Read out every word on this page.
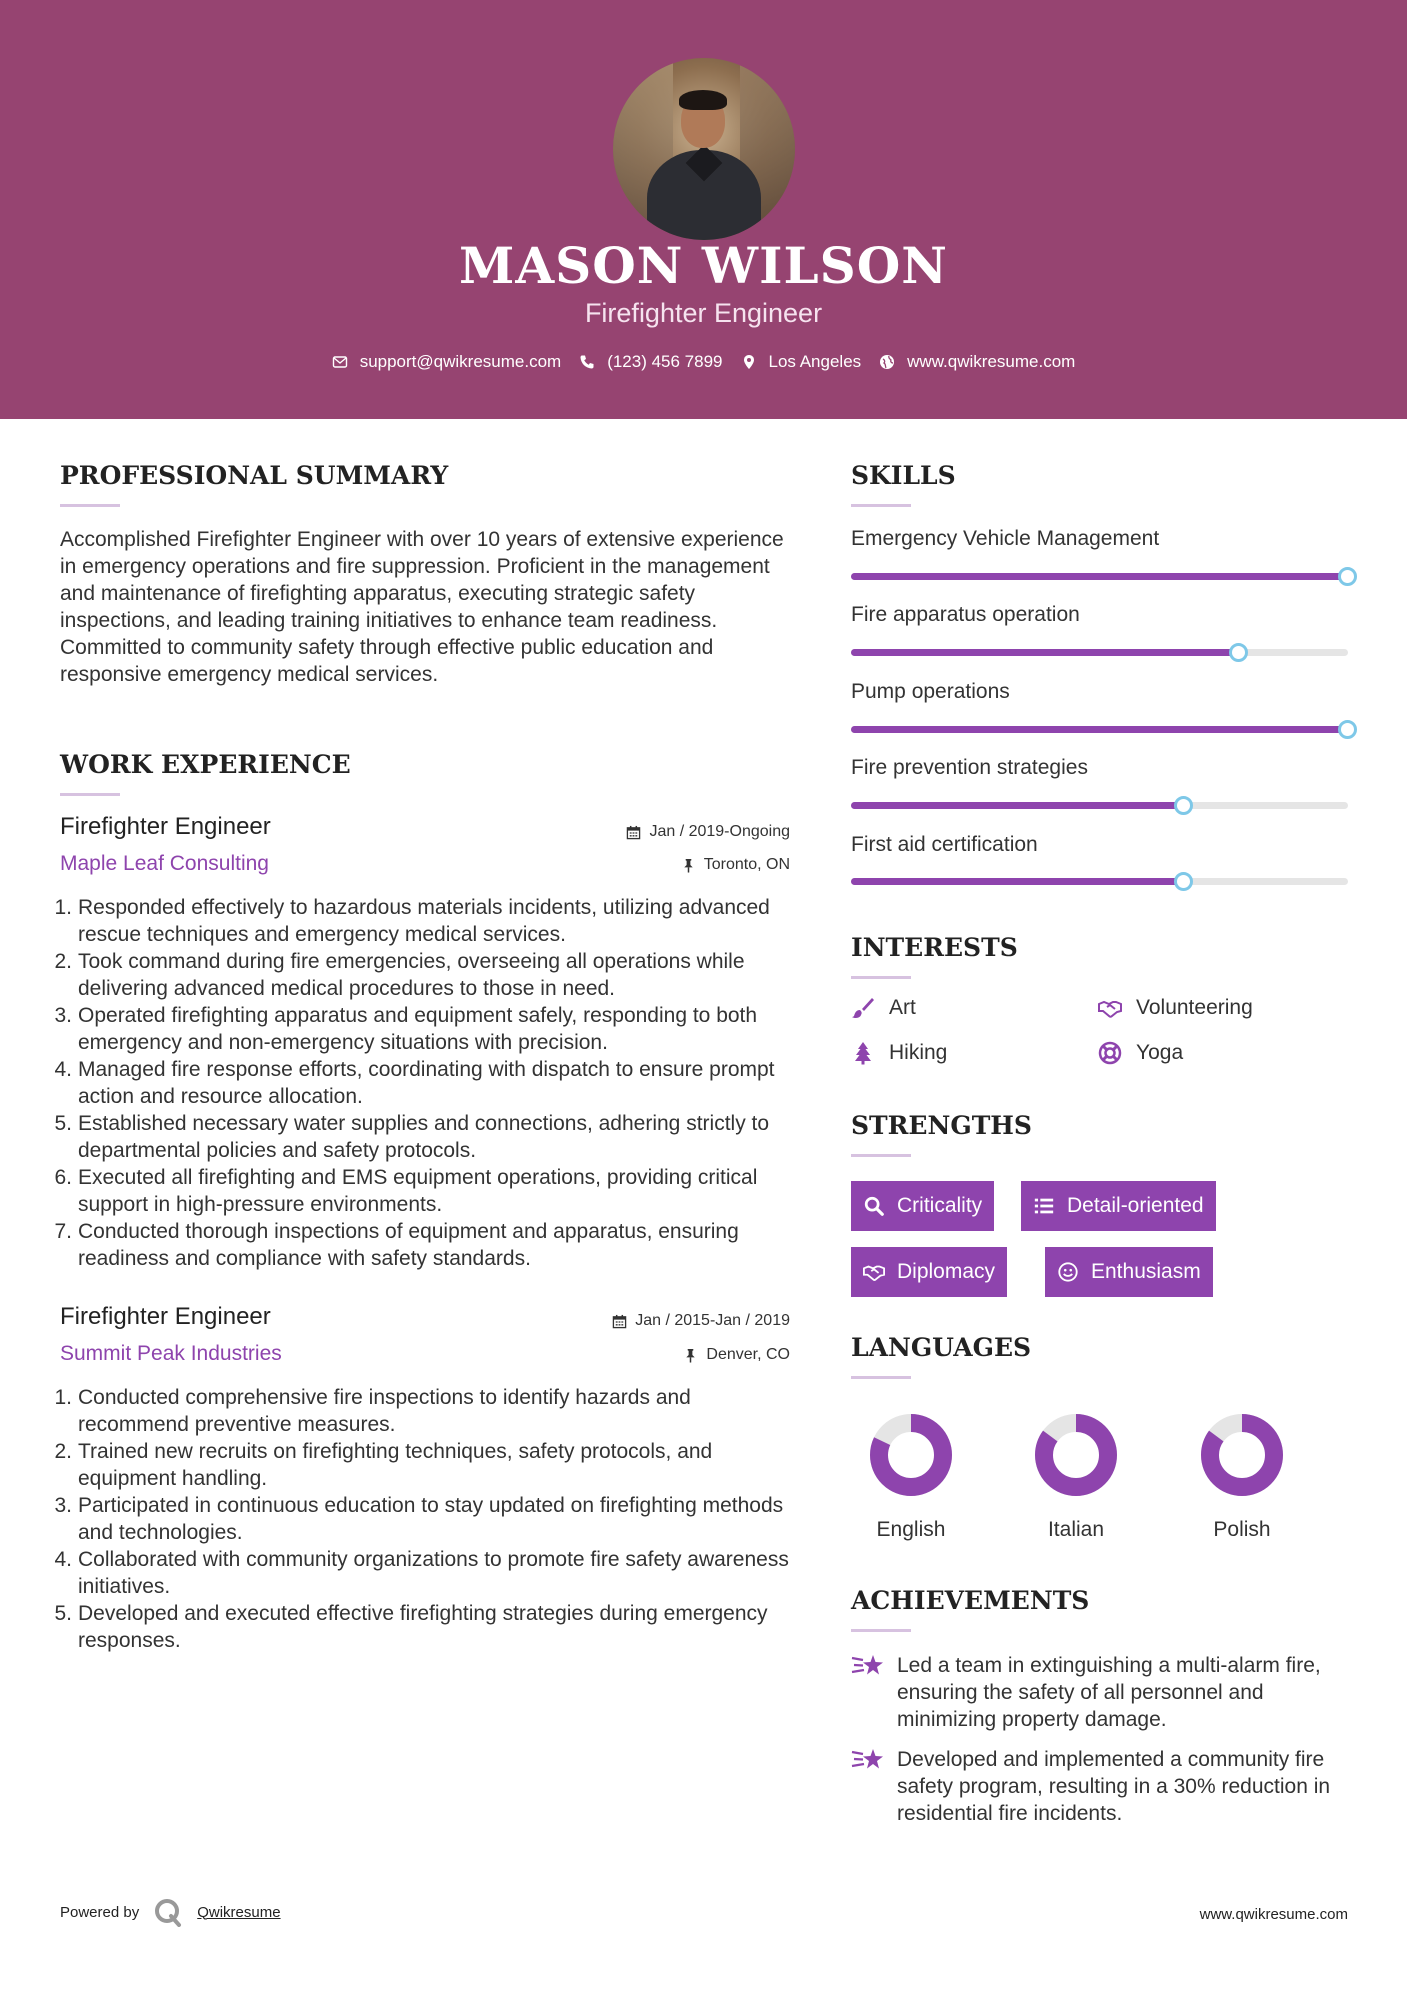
MASON WILSON
Firefighter Engineer
support@qwikresume.com	(123) 456 7899	Los Angeles	www.qwikresume.com
PROFESSIONAL SUMMARY
Accomplished Firefighter Engineer with over 10 years of extensive experience in emergency operations and fire suppression. Proficient in the management and maintenance of firefighting apparatus, executing strategic safety inspections, and leading training initiatives to enhance team readiness. Committed to community safety through effective public education and responsive emergency medical services.
WORK EXPERIENCE
Firefighter Engineer	Jan / 2019-Ongoing
Maple Leaf Consulting	Toronto, ON
1. Responded effectively to hazardous materials incidents, utilizing advanced rescue techniques and emergency medical services.
2. Took command during fire emergencies, overseeing all operations while delivering advanced medical procedures to those in need.
3. Operated firefighting apparatus and equipment safely, responding to both emergency and non-emergency situations with precision.
4. Managed fire response efforts, coordinating with dispatch to ensure prompt action and resource allocation.
5. Established necessary water supplies and connections, adhering strictly to departmental policies and safety protocols.
6. Executed all firefighting and EMS equipment operations, providing critical support in high-pressure environments.
7. Conducted thorough inspections of equipment and apparatus, ensuring readiness and compliance with safety standards.
Firefighter Engineer	Jan / 2015-Jan / 2019
Summit Peak Industries	Denver, CO
1. Conducted comprehensive fire inspections to identify hazards and recommend preventive measures.
2. Trained new recruits on firefighting techniques, safety protocols, and equipment handling.
3. Participated in continuous education to stay updated on firefighting methods and technologies.
4. Collaborated with community organizations to promote fire safety awareness initiatives.
5. Developed and executed effective firefighting strategies during emergency responses.
SKILLS
Emergency Vehicle Management
Fire apparatus operation
Pump operations
Fire prevention strategies
First aid certification
INTERESTS
Art	Volunteering
Hiking	Yoga
STRENGTHS
Criticality	Detail-oriented
Diplomacy	Enthusiasm
LANGUAGES
English	Italian	Polish
ACHIEVEMENTS
Led a team in extinguishing a multi-alarm fire, ensuring the safety of all personnel and minimizing property damage.
Developed and implemented a community fire safety program, resulting in a 30% reduction in residential fire incidents.
Powered by	Qwikresume	www.qwikresume.com
